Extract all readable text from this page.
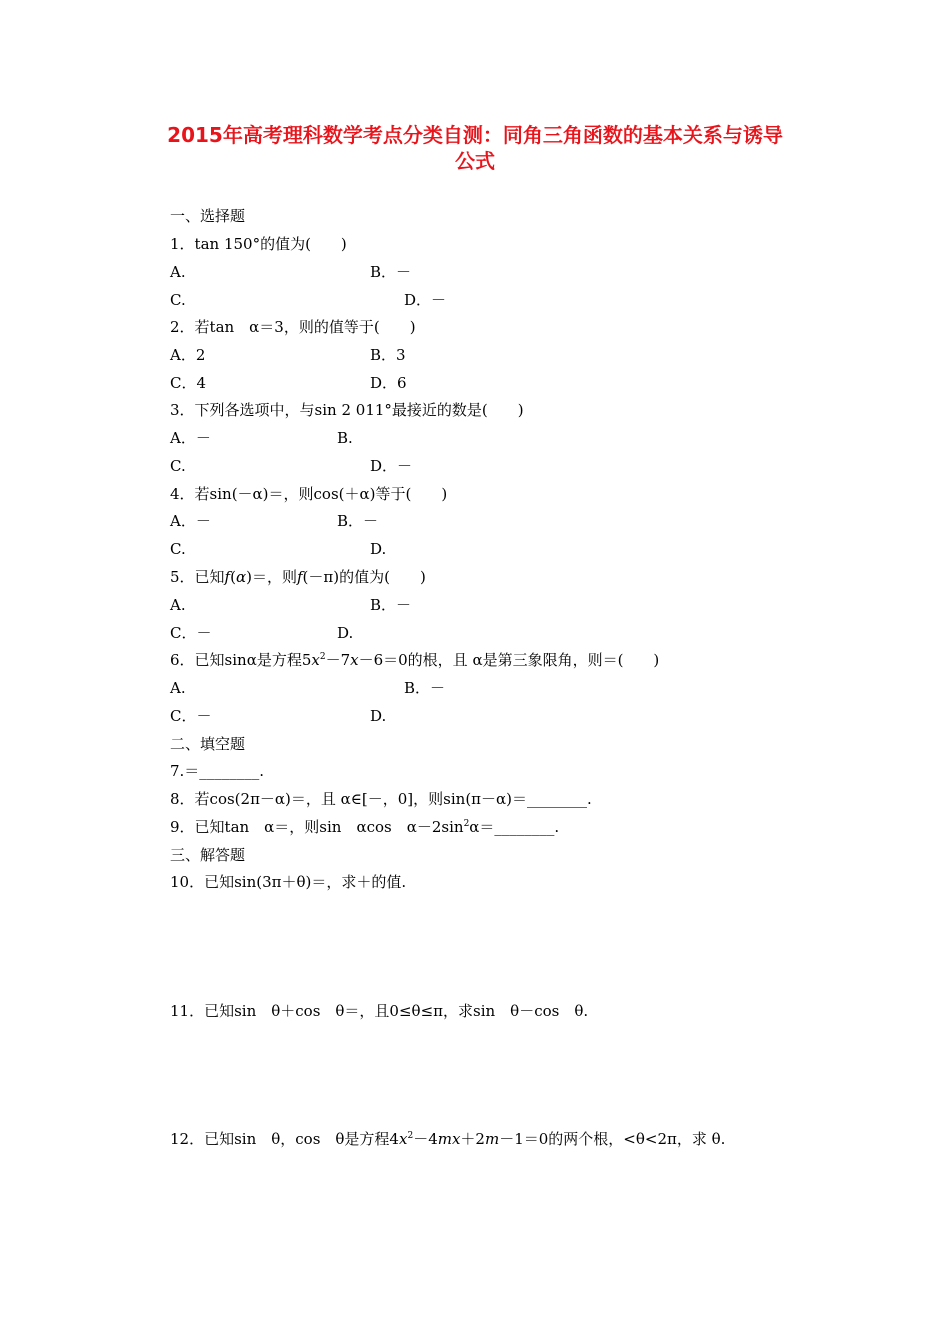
2015年高考理科数学考点分类自测：同角三角函数的基本关系与诱导
公式
一、选择题
1．tan 150°的值为(　　)
A.	B．－
C.	D．－
2．若tan　α＝3，则的值等于(　　)
A．2	B．3
C．4	D．6
3．下列各选项中，与sin 2 011°最接近的数是(　　)
A．－	B.
C.	D．－
4．若sin(－α)＝，则cos(＋α)等于(　　)
A．－	B．－
C.	D.
5．已知f(α)＝，则f(－π)的值为(　　)
A.	B．－
C．－	D.
6．已知sinα是方程$5x^2-7x-6=0$的根，且 α是第三象限角，则＝(　　)
A.	B．－
C．－	D.
二、填空题
7.＝________.
8．若cos(2π－α)＝，且 α∈[－，0]，则sin(π－α)＝________.
9．已知tan　α＝，则sin　αcos　$\alpha-2\sin^2\alpha=\_\_\_\_\_\_\_\_$.
三、解答题
10．已知sin(3π＋θ)＝，求＋的值.
11．已知sin　θ＋cos　θ＝，且0≤θ≤π，求sin　θ－cos　θ.
12．已知sin　θ，cos　θ是方程$4x^2-4mx+2m-1=0$的两个根，<θ<2π，求 θ.
